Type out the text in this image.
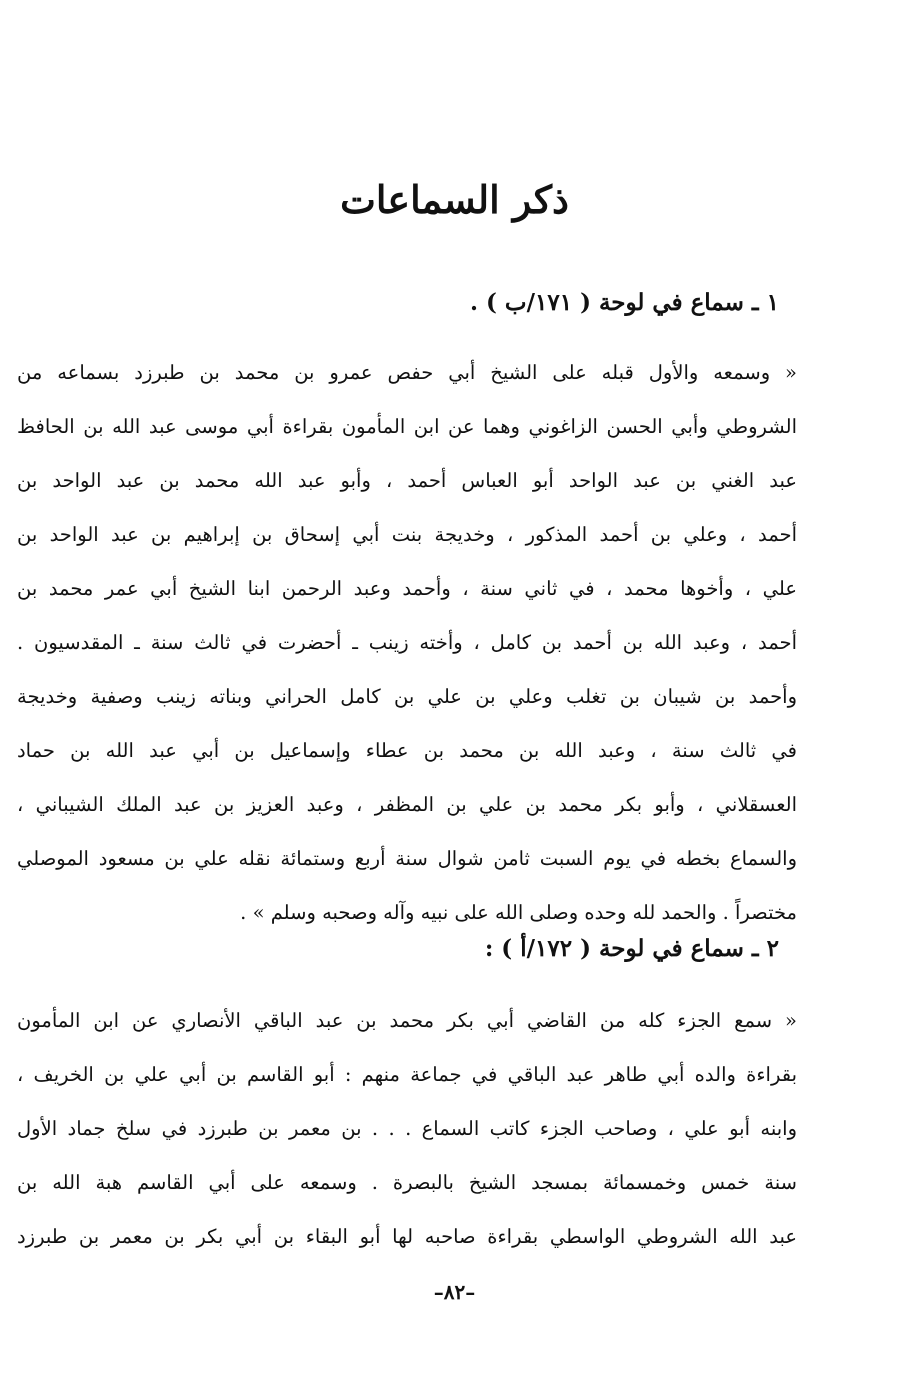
ذكر السماعات
١ ـ سماع في لوحة ( ١٧١/ب ) .
« وسمعه والأول قبله على الشيخ أبي حفص عمرو بن محمد بن طبرزد بسماعه من
الشروطي وأبي الحسن الزاغوني وهما عن ابن المأمون بقراءة أبي موسى عبد الله بن الحافظ
عبد الغني بن عبد الواحد أبو العباس أحمد ، وأبو عبد الله محمد بن عبد الواحد بن
أحمد ، وعلي بن أحمد المذكور ، وخديجة بنت أبي إسحاق بن إبراهيم بن عبد الواحد بن
علي ، وأخوها محمد ، في ثاني سنة ، وأحمد وعبد الرحمن ابنا الشيخ أبي عمر محمد بن
أحمد ، وعبد الله بن أحمد بن كامل ، وأخته زينب ـ أحضرت في ثالث سنة ـ المقدسيون .
وأحمد بن شيبان بن تغلب وعلي بن علي بن كامل الحراني وبناته زينب وصفية وخديجة
في ثالث سنة ، وعبد الله بن محمد بن عطاء وإسماعيل بن أبي عبد الله بن حماد
العسقلاني ، وأبو بكر محمد بن علي بن المظفر ، وعبد العزيز بن عبد الملك الشيباني ،
والسماع بخطه في يوم السبت ثامن شوال سنة أربع وستمائة نقله علي بن مسعود الموصلي
مختصراً . والحمد لله وحده وصلى الله على نبيه وآله وصحبه وسلم » .
٢ ـ سماع في لوحة ( ١٧٢/أ ) :
« سمع الجزء كله من القاضي أبي بكر محمد بن عبد الباقي الأنصاري عن ابن المأمون
بقراءة والده أبي طاهر عبد الباقي في جماعة منهم : أبو القاسم بن أبي علي بن الخريف ،
وابنه أبو علي ، وصاحب الجزء كاتب السماع . . . بن معمر بن طبرزد في سلخ جماد الأول
سنة خمس وخمسمائة بمسجد الشيخ بالبصرة . وسمعه على أبي القاسم هبة الله بن
عبد الله الشروطي الواسطي بقراءة صاحبه لها أبو البقاء بن أبي بكر بن معمر بن طبرزد
–٨٢–
